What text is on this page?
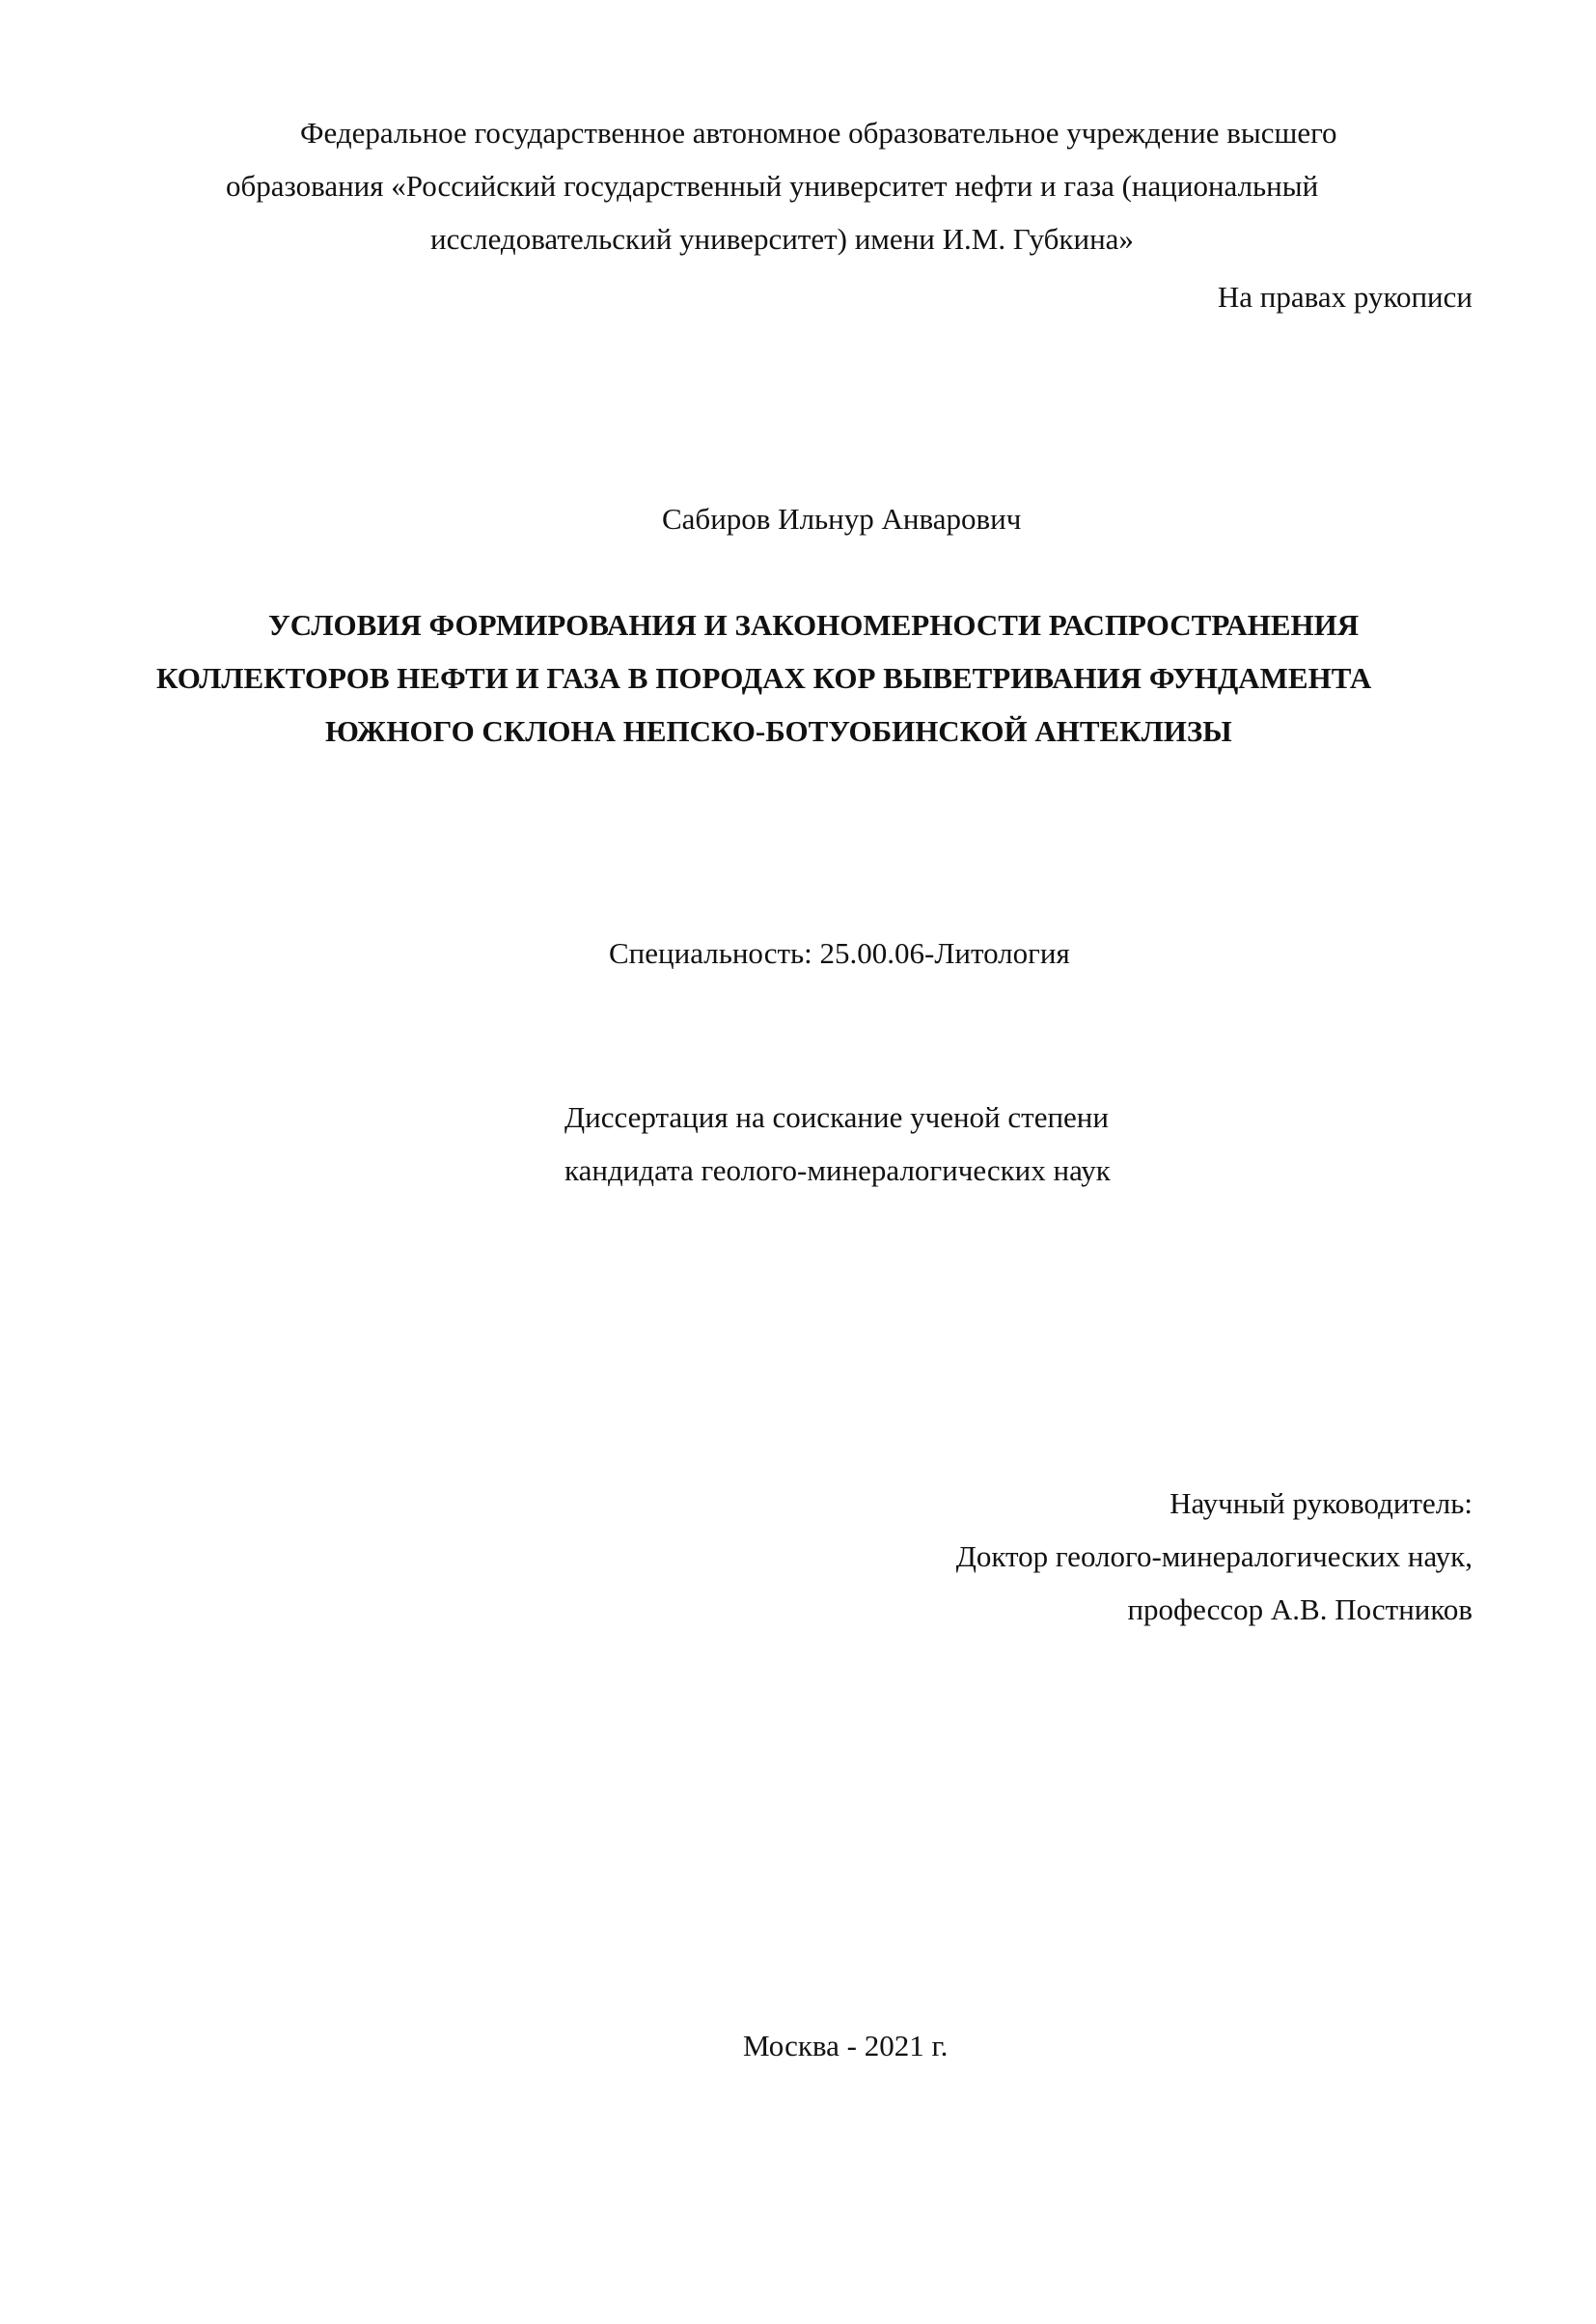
Федеральное государственное автономное образовательное учреждение высшего
образования «Российский государственный университет нефти и газа (национальный
исследовательский университет) имени И.М. Губкина»
На правах рукописи
Сабиров Ильнур Анварович
УСЛОВИЯ ФОРМИРОВАНИЯ И ЗАКОНОМЕРНОСТИ РАСПРОСТРАНЕНИЯ
КОЛЛЕКТОРОВ НЕФТИ И ГАЗА В ПОРОДАХ КОР ВЫВЕТРИВАНИЯ ФУНДАМЕНТА
ЮЖНОГО СКЛОНА НЕПСКО-БОТУОБИНСКОЙ АНТЕКЛИЗЫ
Специальность: 25.00.06-Литология
Диссертация на соискание ученой степени
кандидата геолого-минералогических наук
Научный руководитель:
Доктор геолого-минералогических наук,
профессор А.В. Постников
Москва - 2021 г.
